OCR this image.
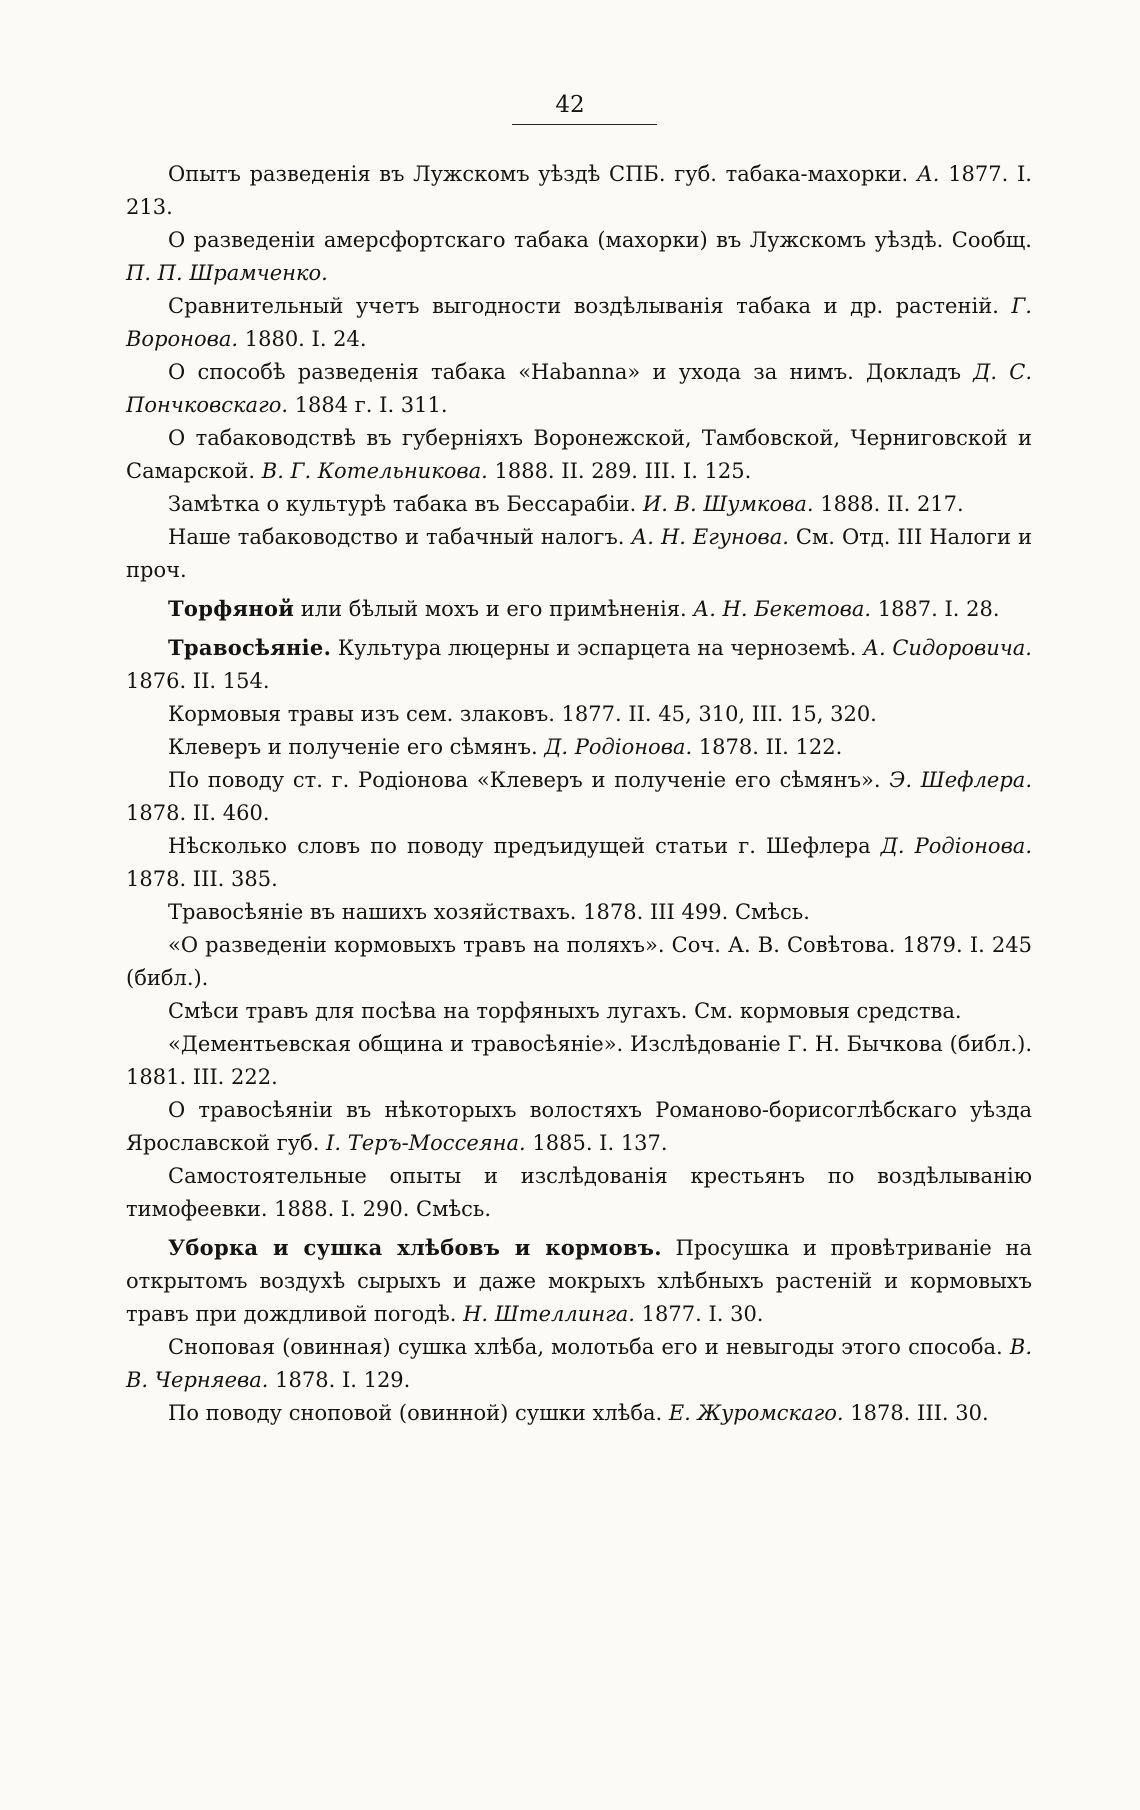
42

Опытъ разведенія въ Лужскомъ уѣздѣ СПБ. губ. табака-махорки. А. 1877. I. 213.

О разведеніи амерсфортскаго табака (махорки) въ Лужскомъ уѣздѣ. Сообщ. П. П. Шрамченко.

Сравнительный учетъ выгодности воздѣлыванія табака и др. растеній. Г. Воронова. 1880. I. 24.

О способѣ разведенія табака «Habanna» и ухода за нимъ. Докладъ Д. С. Пончковскаго. 1884 г. I. 311.

О табаководствѣ въ губерніяхъ Воронежской, Тамбовской, Черниговской и Самарской. В. Г. Котельникова. 1888. II. 289. III. I. 125.

Замѣтка о культурѣ табака въ Бессарабіи. И. В. Шумкова. 1888. II. 217.

Наше табаководство и табачный налогъ. А. Н. Егунова. См. Отд. III Налоги и проч.

Торфяной или бѣлый мохъ и его примѣненія. А. Н. Бекетова. 1887. I. 28.

Травосѣяніе. Культура люцерны и эспарцета на черноземѣ. А. Сидоровича. 1876. II. 154.

Кормовыя травы изъ сем. злаковъ. 1877. II. 45, 310, III. 15, 320.

Клеверъ и полученіе его сѣмянъ. Д. Родіонова. 1878. II. 122.

По поводу ст. г. Родіонова «Клеверъ и полученіе его сѣмянъ». Э. Шефлера. 1878. II. 460.

Нѣсколько словъ по поводу предъидущей статьи г. Шефлера Д. Родіонова. 1878. III. 385.

Травосѣяніе въ нашихъ хозяйствахъ. 1878. III 499. Смѣсь.

«О разведеніи кормовыхъ травъ на поляхъ». Соч. А. В. Совѣтова. 1879. I. 245 (библ.).

Смѣси травъ для посѣва на торфяныхъ лугахъ. См. кормовыя средства.

«Дементьевская община и травосѣяніе». Изслѣдованіе Г. Н. Бычкова (библ.). 1881. III. 222.

О травосѣяніи въ нѣкоторыхъ волостяхъ Романово-борисоглѣбскаго уѣзда Ярославской губ. I. Теръ-Моссеяна. 1885. I. 137.

Самостоятельные опыты и изслѣдованія крестьянъ по воздѣлыванію тимофеевки. 1888. I. 290. Смѣсь.

Уборка и сушка хлѣбовъ и кормовъ. Просушка и провѣтриваніе на открытомъ воздухѣ сырыхъ и даже мокрыхъ хлѣбныхъ растеній и кормовыхъ травъ при дождливой погодѣ. Н. Штеллинга. 1877. I. 30.

Сноповая (овинная) сушка хлѣба, молотьба его и невыгоды этого способа. В. В. Черняева. 1878. I. 129.

По поводу сноповой (овинной) сушки хлѣба. Е. Журомскаго. 1878. III. 30.
